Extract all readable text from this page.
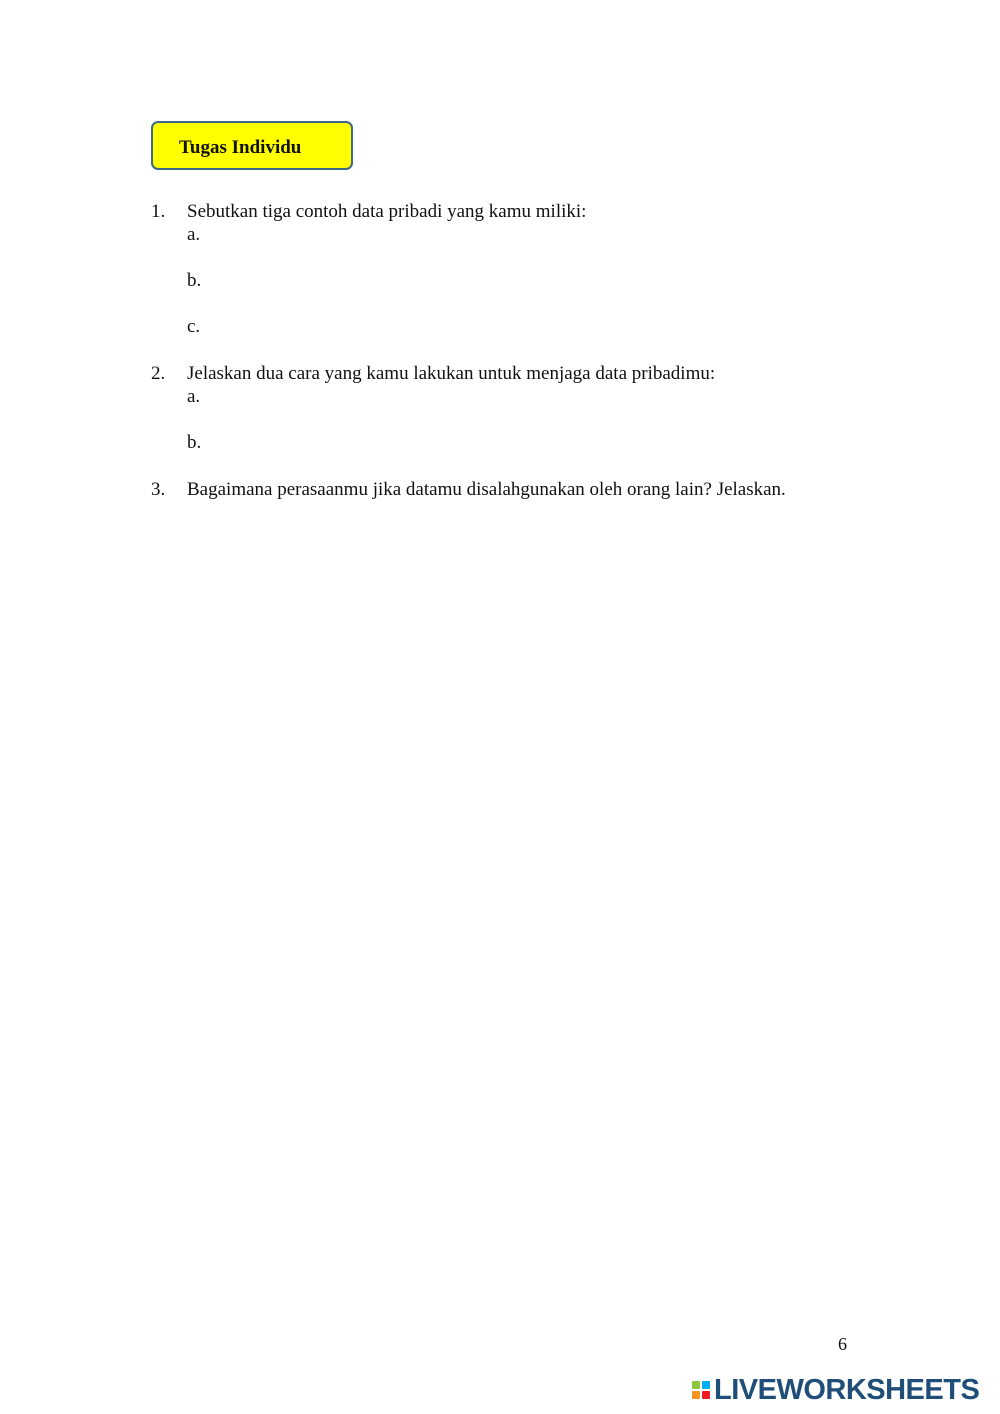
Tugas Individu
1. Sebutkan tiga contoh data pribadi yang kamu miliki:
a.
b.
c.
2. Jelaskan dua cara yang kamu lakukan untuk menjaga data pribadimu:
a.
b.
3. Bagaimana perasaanmu jika datamu disalahgunakan oleh orang lain? Jelaskan.
6
LIVEWORKSHEETS
